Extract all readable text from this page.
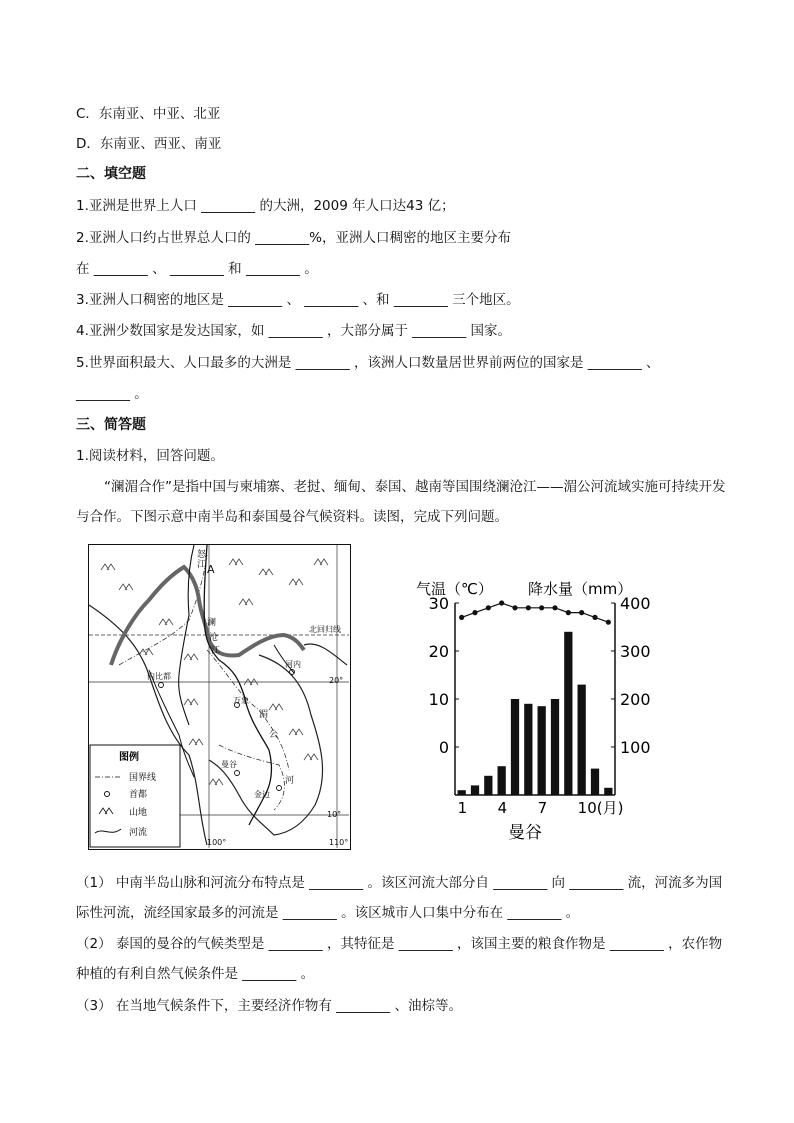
C．东南亚、中亚、北亚
D．东南亚、西亚、南亚
二、填空题
1.亚洲是世界上人口 ________ 的大洲，2009 年人口达43 亿；
2.亚洲人口约占世界总人口的 ________%，亚洲人口稠密的地区主要分布
在 ________ 、 ________ 和 ________ 。
3.亚洲人口稠密的地区是 ________ 、 ________ 、和 ________ 三个地区。
4.亚洲少数国家是发达国家，如 ________ ，大部分属于 ________ 国家。
5.世界面积最大、人口最多的大洲是 ________ ，该洲人口数量居世界前两位的国家是 ________ 、
________ 。
三、简答题
1.阅读材料，回答问题。
“澜湄合作”是指中国与柬埔寨、老挝、缅甸、泰国、越南等国围绕澜沧江——湄公河流域实施可持续开发与合作。下图示意中南半岛和泰国曼谷气候资料。读图，完成下列问题。
怒
江 A
北回归线
澜
沧
江
河内
内比都	20°
万象
湄
公
河
曼谷
金边
10°
100°	110°
图例
国界线
首都
山地
河流
气温（℃） 降水量（mm）
30
20
10
0
400
300
200
100
1 4 7 10(月)
曼谷
（1） 中南半岛山脉和河流分布特点是 ________ 。该区河流大部分自 ________ 向 ________ 流，河流多为国际性河流，流经国家最多的河流是 ________ 。该区城市人口集中分布在 ________ 。
（2） 泰国的曼谷的气候类型是 ________ ，其特征是 ________ ，该国主要的粮食作物是 ________ ，农作物种植的有利自然气候条件是 ________ 。
（3） 在当地气候条件下，主要经济作物有 ________ 、油棕等。
